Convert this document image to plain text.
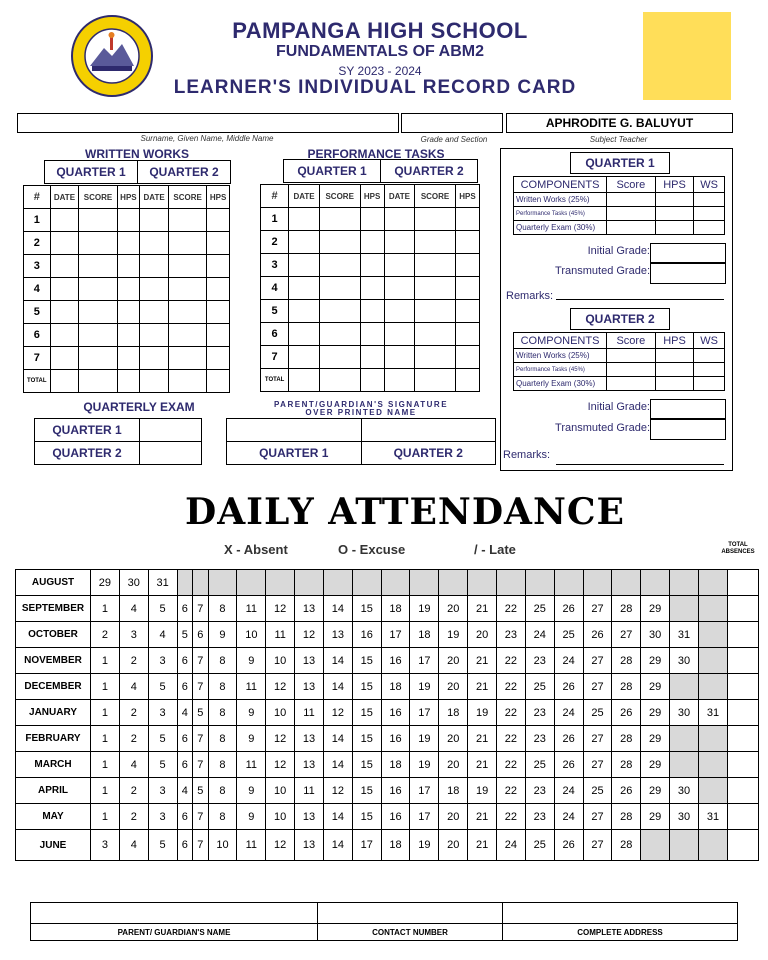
PAMPANGA HIGH SCHOOL
FUNDAMENTALS OF ABM2
SY 2023 - 2024
LEARNER'S INDIVIDUAL RECORD CARD
Surname, Given Name, Middle Name	Grade and Section
APHRODITE G. BALUYUT
Subject Teacher
WRITTEN WORKS
QUARTER 1	QUARTER 2
#	DATE	SCORE	HPS	DATE	SCORE	HPS
1						
2						
3						
4						
5						
6						
7						
TOTAL						
PERFORMANCE TASKS
QUARTER 1	QUARTER 2
#	DATE	SCORE	HPS	DATE	SCORE	HPS
1						
2						
3						
4						
5						
6						
7						
TOTAL						
QUARTERLY EXAM
QUARTER 1	
QUARTER 2	
PARENT/GUARDIAN'S SIGNATURE
OVER PRINTED NAME

QUARTER 1	QUARTER 2
QUARTER 1
COMPONENTS	Score	HPS	WS
Written Works (25%)			
Performance Tasks (45%)			
Quarterly Exam (30%)			
Initial Grade:
Transmuted Grade:
Remarks:
QUARTER 2
COMPONENTS	Score	HPS	WS
Written Works (25%)			
Performance Tasks (45%)			
Quarterly Exam (30%)			
Initial Grade:
Transmuted Grade:
Remarks:
DAILY ATTENDANCE
X - Absent	O - Excuse	/ - Late	TOTAL
ABSENCES
AUGUST	29	30	31																					
SEPTEMBER	1	4	5	6	7	8	11	12	13	14	15	18	19	20	21	22	25	26	27	28	29			
OCTOBER	2	3	4	5	6	9	10	11	12	13	16	17	18	19	20	23	24	25	26	27	30	31		
NOVEMBER	1	2	3	6	7	8	9	10	13	14	15	16	17	20	21	22	23	24	27	28	29	30		
DECEMBER	1	4	5	6	7	8	11	12	13	14	15	18	19	20	21	22	25	26	27	28	29			
JANUARY	1	2	3	4	5	8	9	10	11	12	15	16	17	18	19	22	23	24	25	26	29	30	31	
FEBRUARY	1	2	5	6	7	8	9	12	13	14	15	16	19	20	21	22	23	26	27	28	29			
MARCH	1	4	5	6	7	8	11	12	13	14	15	18	19	20	21	22	25	26	27	28	29			
APRIL	1	2	3	4	5	8	9	10	11	12	15	16	17	18	19	22	23	24	25	26	29	30		
MAY	1	2	3	6	7	8	9	10	13	14	15	16	17	20	21	22	23	24	27	28	29	30	31	
JUNE	3	4	5	6	7	10	11	12	13	14	17	18	19	20	21	24	25	26	27	28				

PARENT/ GUARDIAN'S NAME	CONTACT NUMBER	COMPLETE ADDRESS
